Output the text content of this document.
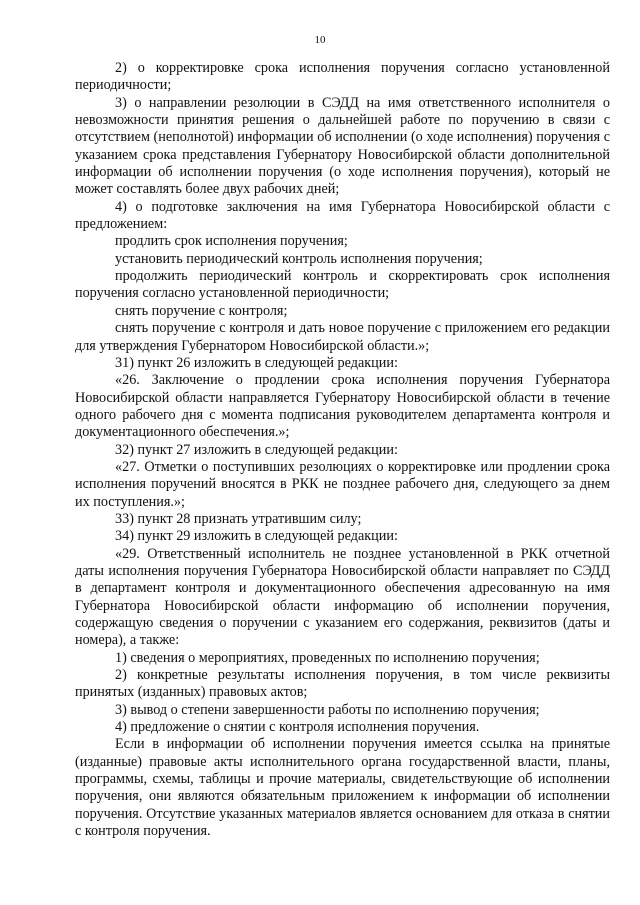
10

2) о корректировке срока исполнения поручения согласно установленной периодичности;

3) о направлении резолюции в СЭДД на имя ответственного исполнителя о невозможности принятия решения о дальнейшей работе по поручению в связи с отсутствием (неполнотой) информации об исполнении (о ходе исполнения) поручения с указанием срока представления Губернатору Новосибирской области дополнительной информации об исполнении поручения (о ходе исполнения поручения), который не может составлять более двух рабочих дней;

4) о подготовке заключения на имя Губернатора Новосибирской области с предложением:

продлить срок исполнения поручения;

установить периодический контроль исполнения поручения;

продолжить периодический контроль и скорректировать срок исполнения поручения согласно установленной периодичности;

снять поручение с контроля;

снять поручение с контроля и дать новое поручение с приложением его редакции для утверждения Губернатором Новосибирской области.»;

31) пункт 26 изложить в следующей редакции:

«26. Заключение о продлении срока исполнения поручения Губернатора Новосибирской области направляется Губернатору Новосибирской области в течение одного рабочего дня с момента подписания руководителем департамента контроля и документационного обеспечения.»;

32) пункт 27 изложить в следующей редакции:

«27. Отметки о поступивших резолюциях о корректировке или продлении срока исполнения поручений вносятся в РКК не позднее рабочего дня, следующего за днем их поступления.»;

33) пункт 28 признать утратившим силу;

34) пункт 29 изложить в следующей редакции:

«29. Ответственный исполнитель не позднее установленной в РКК отчетной даты исполнения поручения Губернатора Новосибирской области направляет по СЭДД в департамент контроля и документационного обеспечения адресованную на имя Губернатора Новосибирской области информацию об исполнении поручения, содержащую сведения о поручении с указанием его содержания, реквизитов (даты и номера), а также:

1) сведения о мероприятиях, проведенных по исполнению поручения;

2) конкретные результаты исполнения поручения, в том числе реквизиты принятых (изданных) правовых актов;

3) вывод о степени завершенности работы по исполнению поручения;

4) предложение о снятии с контроля исполнения поручения.

Если в информации об исполнении поручения имеется ссылка на принятые (изданные) правовые акты исполнительного органа государственной власти, планы, программы, схемы, таблицы и прочие материалы, свидетельствующие об исполнении поручения, они являются обязательным приложением к информации об исполнении поручения. Отсутствие указанных материалов является основанием для отказа в снятии с контроля поручения.
